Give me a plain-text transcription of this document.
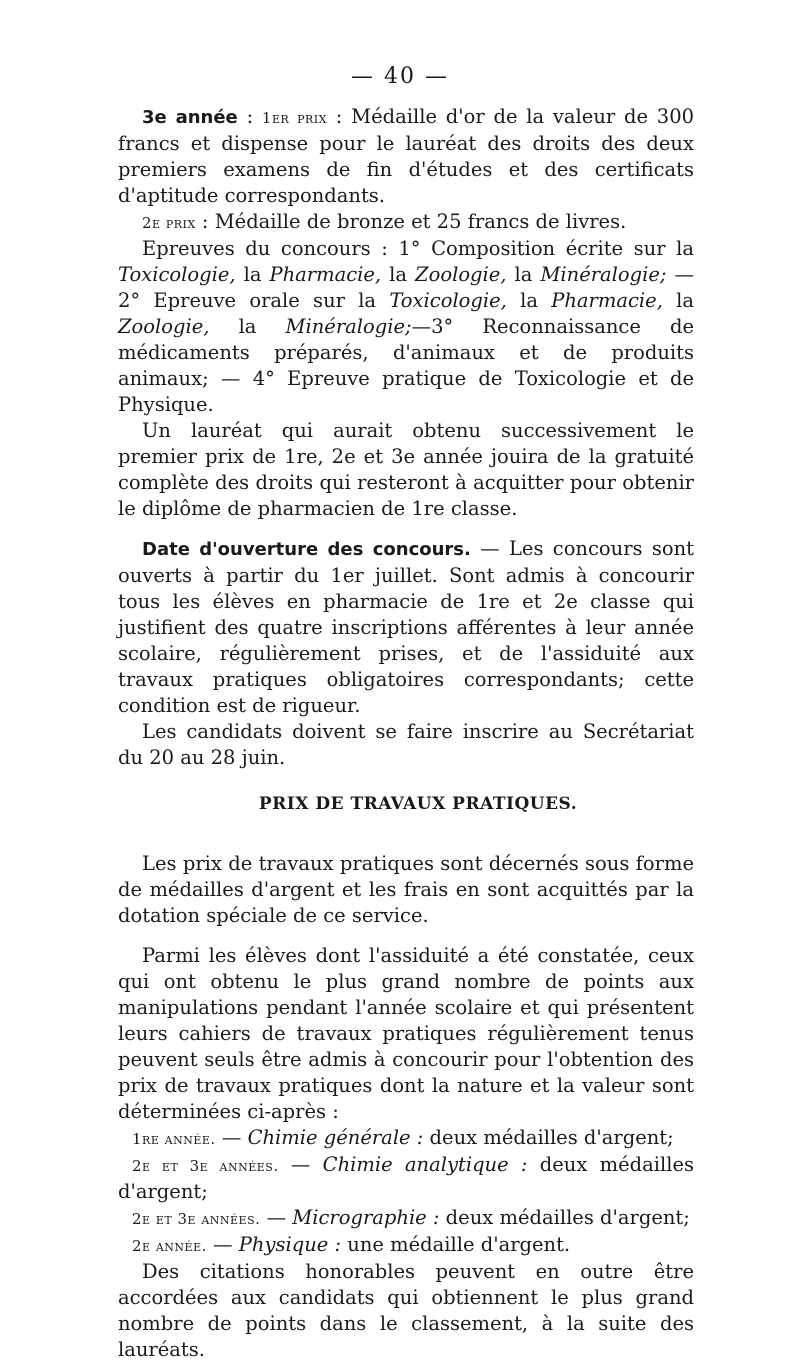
— 40 —

3e année : 1er prix : Médaille d'or de la valeur de 300 francs et dispense pour le lauréat des droits des deux premiers examens de fin d'études et des certificats d'aptitude correspondants.

2e prix : Médaille de bronze et 25 francs de livres.

Epreuves du concours : 1° Composition écrite sur la Toxicologie, la Pharmacie, la Zoologie, la Minéralogie; — 2° Epreuve orale sur la Toxicologie, la Pharmacie, la Zoologie, la Minéralogie;—3° Reconnaissance de médicaments préparés, d'animaux et de produits animaux; — 4° Epreuve pratique de Toxicologie et de Physique.

Un lauréat qui aurait obtenu successivement le premier prix de 1re, 2e et 3e année jouira de la gratuité complète des droits qui resteront à acquitter pour obtenir le diplôme de pharmacien de 1re classe.

Date d'ouverture des concours. — Les concours sont ouverts à partir du 1er juillet. Sont admis à concourir tous les élèves en pharmacie de 1re et 2e classe qui justifient des quatre inscriptions afférentes à leur année scolaire, régulièrement prises, et de l'assiduité aux travaux pratiques obligatoires correspondants; cette condition est de rigueur.

Les candidats doivent se faire inscrire au Secrétariat du 20 au 28 juin.

PRIX DE TRAVAUX PRATIQUES.

Les prix de travaux pratiques sont décernés sous forme de médailles d'argent et les frais en sont acquittés par la dotation spéciale de ce service.

Parmi les élèves dont l'assiduité a été constatée, ceux qui ont obtenu le plus grand nombre de points aux manipulations pendant l'année scolaire et qui présentent leurs cahiers de travaux pratiques régulièrement tenus peuvent seuls être admis à concourir pour l'obtention des prix de travaux pratiques dont la nature et la valeur sont déterminées ci-après :

1re année. — Chimie générale : deux médailles d'argent;

2e et 3e années. — Chimie analytique : deux médailles d'argent;

2e et 3e années. — Micrographie : deux médailles d'argent;

2e année. — Physique : une médaille d'argent.

Des citations honorables peuvent en outre être accordées aux candidats qui obtiennent le plus grand nombre de points dans le classement, à la suite des lauréats.
